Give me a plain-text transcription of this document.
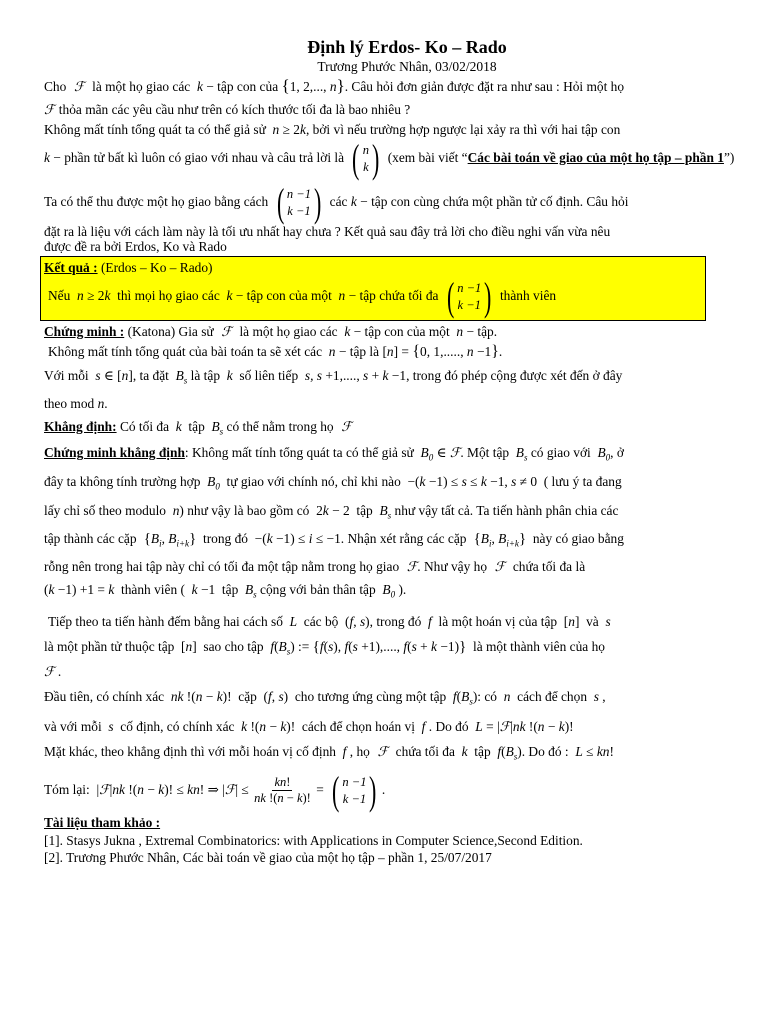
Định lý Erdos- Ko – Rado
Trương Phước Nhân, 03/02/2018

Cho  ℱ  là một họ giao các  k − tập con của {1, 2,..., n}. Câu hỏi đơn giản được đặt ra như sau : Hỏi một họ

ℱ thỏa mãn các yêu cầu như trên có kích thước tối đa là bao nhiêu ?

Không mất tính tổng quát ta có thể giả sử  n ≥ 2k, bởi vì nếu trường hợp ngược lại xảy ra thì với hai tập con

k − phần tử bất kì luôn có giao với nhau và câu trả lời là ( n
k ) (xem bài viết “Các bài toán về giao của một họ tập – phần 1”)

Ta có thể thu được một họ giao bằng cách ( n −1
k −1 ) các k − tập con cùng chứa một phần tử cố định. Câu hỏi

đặt ra là liệu với cách làm này là tối ưu nhất hay chưa ? Kết quả sau đây trả lời cho điều nghi vấn vừa nêu

được đề ra bởi Erdos, Ko và Rado

Kết quả : (Erdos – Ko – Rado)

Nếu  n ≥ 2k thì mọi họ giao các  k − tập con của một  n − tập chứa tối đa ( n −1
k −1 ) thành viên

Chứng minh : (Katona) Gia sử  ℱ  là một họ giao các  k − tập con của một  n − tập.

Không mất tính tổng quát của bài toán ta sẽ xét các  n − tập là [n] = {0, 1,....., n −1}.

Với mỗi  s ∈ [n], ta đặt  $B_s$ là tập  k số liên tiếp  s, s +1,...., s + k −1, trong đó phép cộng được xét đến ở đây

theo mod n.

Khẳng định: Có tối đa  k tập  $B_s$ có thể nằm trong họ  ℱ

Chứng minh khẳng định: Không mất tính tổng quát ta có thể giả sử  $B_0$ ∈ ℱ. Một tập  $B_s$ có giao với  $B_0$, ở

đây ta không tính trường hợp  $B_0$ tự giao với chính nó, chỉ khi nào  −(k −1) ≤ s ≤ k −1, s ≠ 0  ( lưu ý ta đang

lấy chỉ số theo modulo  n) như vậy là bao gồm có  2k − 2  tập  $B_s$ như vậy tất cả. Ta tiến hành phân chia các

tập thành các cặp  {$B_i$, $B_{i+k}$} trong đó  −(k −1) ≤ i ≤ −1. Nhận xét rằng các cặp  {$B_i$, $B_{i+k}$} này có giao bằng

rỗng nên trong hai tập này chỉ có tối đa một tập nằm trong họ giao  ℱ. Như vậy họ  ℱ  chứa tối đa là

(k −1) +1 = k thành viên ( k −1  tập  $B_s$ cộng với bản thân tập  $B_0$ ).

Tiếp theo ta tiến hành đếm bằng hai cách số  L các bộ  (f, s), trong đó  f là một hoán vị của tập  [n]  và  s

là một phần tử thuộc tập  [n]  sao cho tập $f(B_s)$ := {f(s), f(s +1),...., f(s + k −1)} là một thành viên của họ

ℱ .

Đầu tiên, có chính xác nk !(n − k)!  cặp  (f, s)  cho tương ứng cùng một tập $f(B_s)$: có  n cách để chọn  s ,

và với mỗi  s cố định, có chính xác k !(n − k)!  cách để chọn hoán vị  f . Do đó L = |ℱ|nk !(n − k)!

Mặt khác, theo khẳng định thì với mỗi hoán vị cố định  f , họ  ℱ  chứa tối đa  k tập $f(B_s)$. Do đó : L ≤ kn!

Tóm lại:  |ℱ|nk !(n − k)! ≤ kn! ⇒ |ℱ| ≤ $\frac{kn!}{nk !(n - k)!}$ = ( n −1
k −1 ) .

Tài liệu tham khảo :

[1]. Stasys Jukna , Extremal Combinatorics: with Applications in Computer Science,Second Edition.

[2]. Trương Phước Nhân, Các bài toán về giao của một họ tập – phần 1, 25/07/2017
